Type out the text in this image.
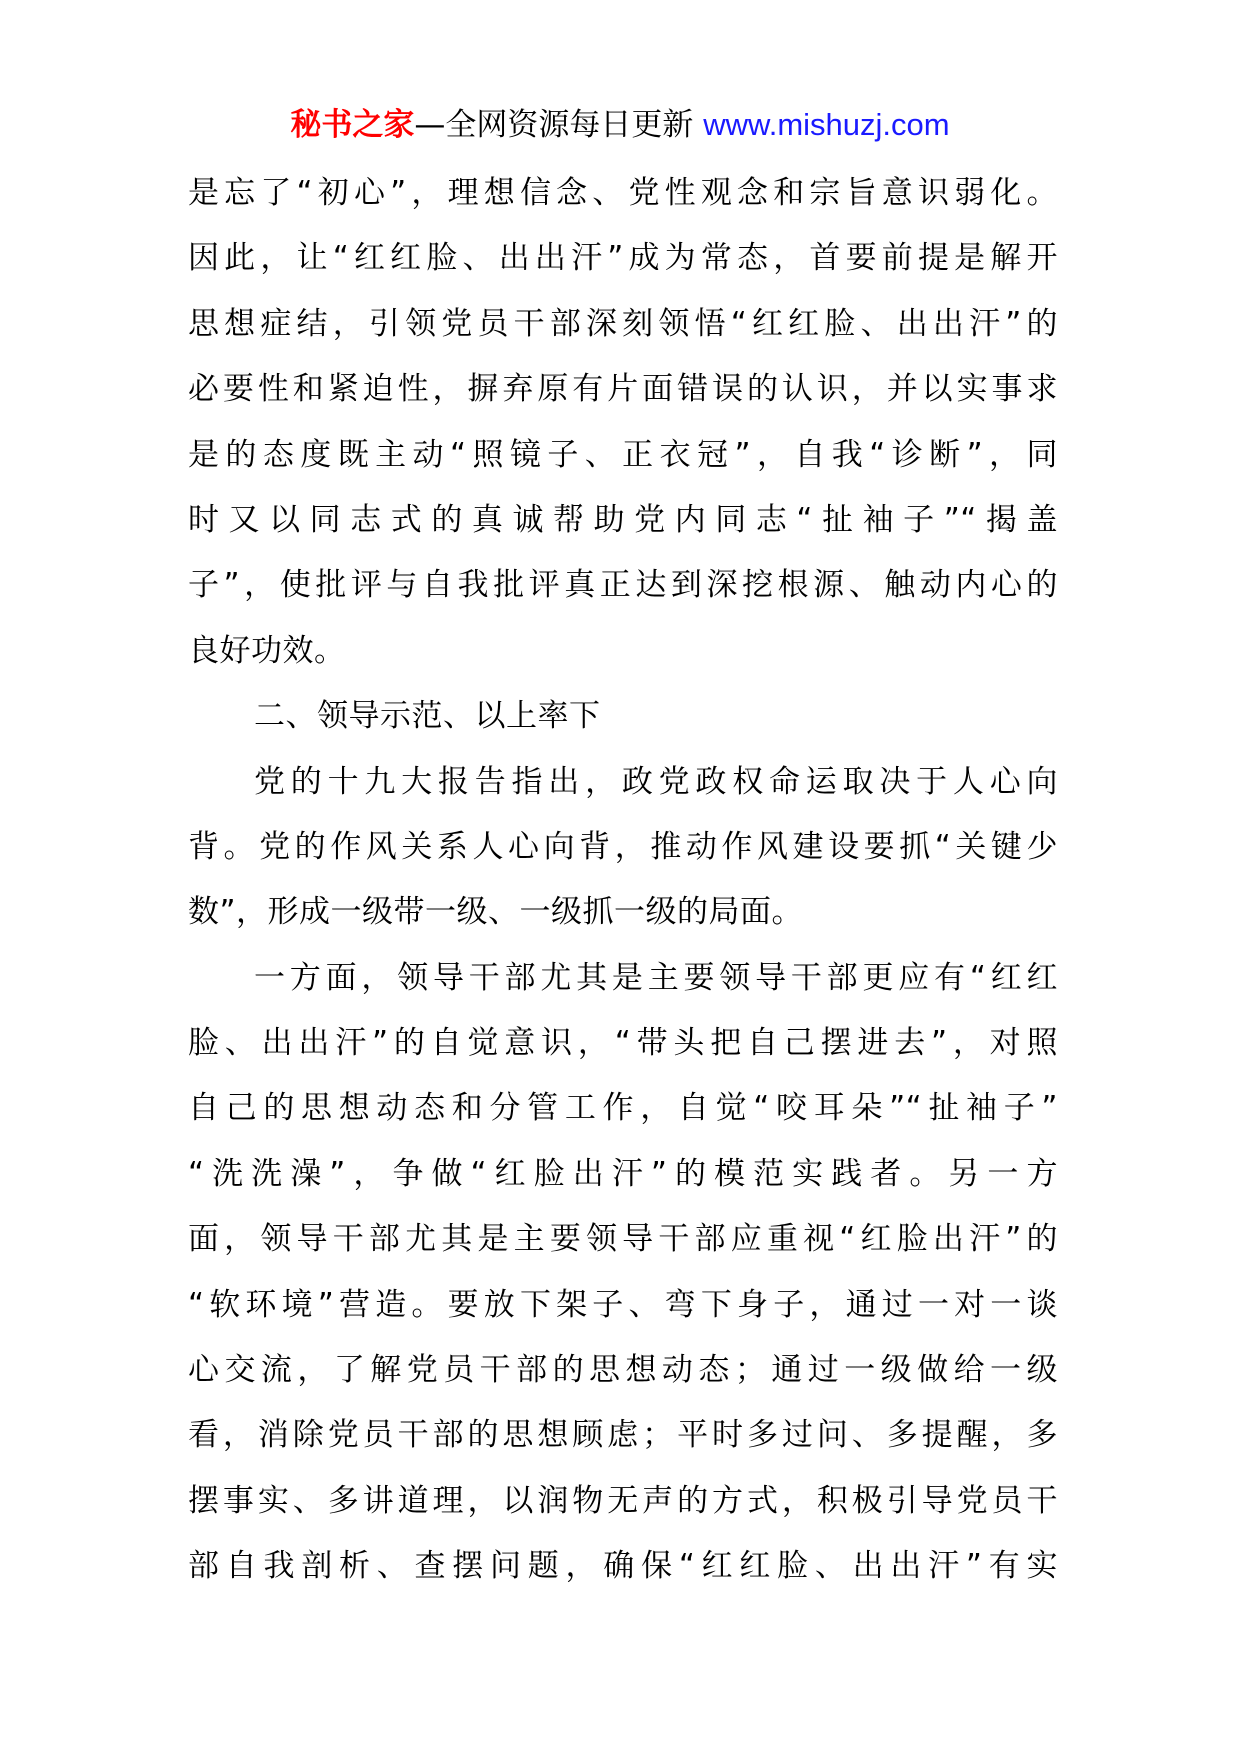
秘书之家—全网资源每日更新 www.mishuzj.com
是忘了“初心”，理想信念、党性观念和宗旨意识弱化。
因此，让“红红脸、出出汗”成为常态，首要前提是解开
思想症结，引领党员干部深刻领悟“红红脸、出出汗”的
必要性和紧迫性，摒弃原有片面错误的认识，并以实事求
是的态度既主动“照镜子、正衣冠”，自我“诊断”，同
时又以同志式的真诚帮助党内同志“扯袖子”“揭盖
子”，使批评与自我批评真正达到深挖根源、触动内心的
良好功效。
二、领导示范、以上率下
党的十九大报告指出，政党政权命运取决于人心向
背。党的作风关系人心向背，推动作风建设要抓“关键少
数”，形成一级带一级、一级抓一级的局面。
一方面，领导干部尤其是主要领导干部更应有“红红
脸、出出汗”的自觉意识，“带头把自己摆进去”，对照
自己的思想动态和分管工作，自觉“咬耳朵”“扯袖子”
“洗洗澡”，争做“红脸出汗”的模范实践者。另一方
面，领导干部尤其是主要领导干部应重视“红脸出汗”的
“软环境”营造。要放下架子、弯下身子，通过一对一谈
心交流，了解党员干部的思想动态；通过一级做给一级
看，消除党员干部的思想顾虑；平时多过问、多提醒，多
摆事实、多讲道理，以润物无声的方式，积极引导党员干
部自我剖析、查摆问题，确保“红红脸、出出汗”有实
